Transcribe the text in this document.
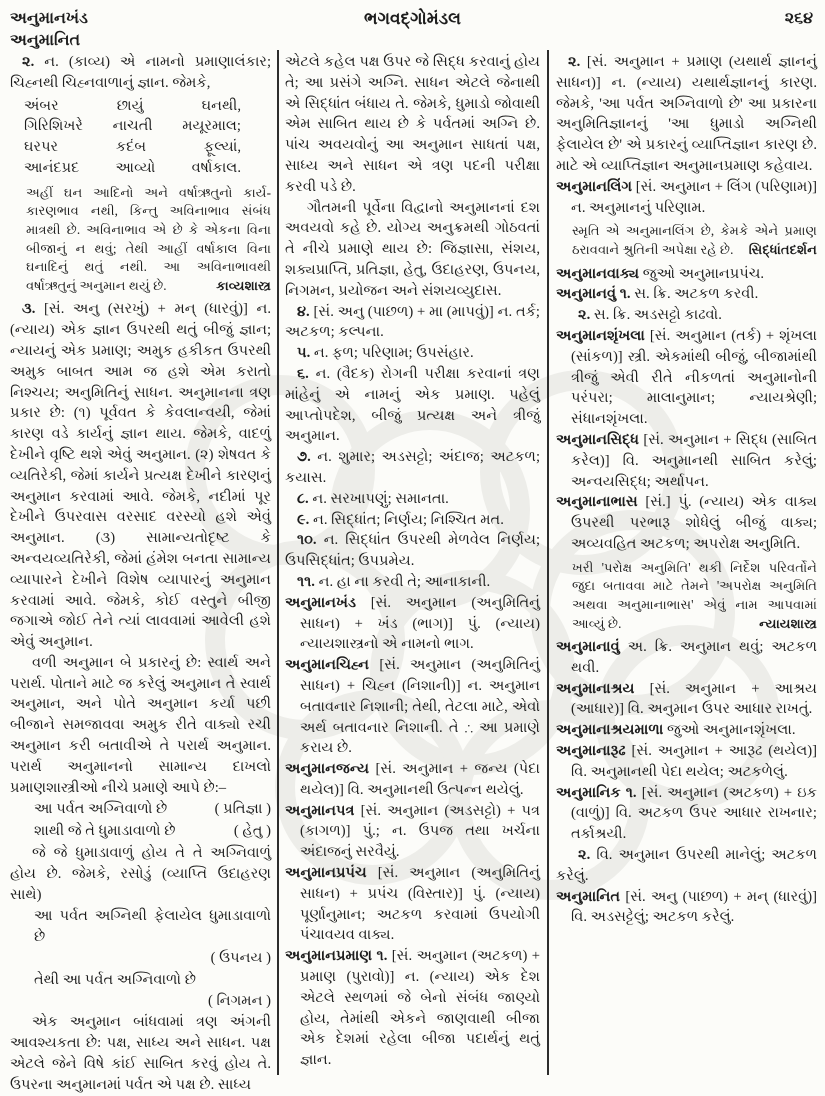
અનુમાનખંડ
અનુમાનિત
ભગવદ્ગોમંડલ	૨૬૪

૨. ન. (કાવ્ય) એ નામનો પ્રમાણાલંકાર; ચિહ્નથી ચિહ્નવાળાનું જ્ઞાન. જેમકે,

અંબર છાયું ઘનથી,
ગિરિશિખરે નાચતી મયૂરમાલ;
ઘરપર કદંબ ફૂલ્યાં,
આનંદપ્રદ આવ્યો વર્ષાકાલ.
અહીં ઘન આદિનો અને વર્ષાઋતુનો કાર્ય-કારણભાવ નથી, કિન્તુ અવિનાભાવ સંબંધ માત્રથી છે. અવિનાભાવ એ છે કે એકના વિના બીજાનું ન થવું; તેથી આહીં વર્ષાકાલ વિના ઘનાદિનું થતું નથી. આ અવિનાભાવથી વર્ષાઋતુનું અનુમાન થયું છે.	કાવ્યશાસ્ત્ર

૩. [સં. અનુ (સરખું) + મન્ (ધારવું)] ન. (ન્યાય) એક જ્ઞાન ઉપરથી થતું બીજું જ્ઞાન; ન્યાયનું એક પ્રમાણ; અમુક હકીકત ઉપરથી અમુક બાબત આમ જ હશે એમ કરાતો નિશ્ચય; અનુમિતિનું સાધન. અનુમાનના ત્રણ પ્રકાર છે: (૧) પૂર્વવત કે કેવલાન્વયી, જેમાં કારણ વડે કાર્યનું જ્ઞાન થાય. જેમકે, વાદળું દેખીને વૃષ્ટિ થશે એવું અનુમાન. (૨) શેષવત કે વ્યતિરેકી, જેમાં કાર્યને પ્રત્યક્ષ દેખીને કારણનું અનુમાન કરવામાં આવે. જેમકે, નદીમાં પૂર દેખીને ઉપરવાસ વરસાદ વરસ્યો હશે એવું અનુમાન. (૩) સામાન્યતોદૃષ્ટ કે અન્વયવ્યતિરેકી, જેમાં હંમેશ બનતા સામાન્ય વ્યાપારને દેખીને વિશેષ વ્યાપારનું અનુમાન કરવામાં આવે. જેમકે, કોઈ વસ્તુને બીજી જગાએ જોઈ તેને ત્યાં લાવવામાં આવેલી હશે એવું અનુમાન.

વળી અનુમાન બે પ્રકારનું છે: સ્વાર્થ અને પરાર્થ. પોતાને માટે જ કરેલું અનુમાન તે સ્વાર્થ અનુમાન, અને પોતે અનુમાન કર્યા પછી બીજાને સમજાવવા અમુક રીતે વાક્યો રચી અનુમાન કરી બતાવીએ તે પરાર્થ અનુમાન. પરાર્થ અનુમાનનો સામાન્ય દાખલો પ્રમાણશાસ્ત્રીઓ નીચે પ્રમાણે આપે છે:–

આ પર્વત અગ્નિવાળો છે	( પ્રતિજ્ઞા )
શાથી જે તે ધુમાડાવાળો છે	( હેતુ )

જે જે ધુમાડાવાળું હોય તે તે અગ્નિવાળું હોય છે. જેમકે, રસોડું (વ્યાપ્તિ ઉદાહરણ સાથે)

આ પર્વત અગ્નિથી ફેલાયેલ ધુમાડાવાળો છે
( ઉપનય )
તેથી આ પર્વત અગ્નિવાળો છે
( નિગમન )

એક અનુમાન બાંધવામાં ત્રણ અંગની આવશ્યકતા છે: પક્ષ, સાધ્ય અને સાધન. પક્ષ એટલે જેને વિષે કાંઈ સાબિત કરવું હોય તે. ઉપરના અનુમાનમાં પર્વત એ પક્ષ છે. સાધ્ય

એટલે કહેલ પક્ષ ઉપર જે સિદ્ધ કરવાનું હોય તે; આ પ્રસંગે અગ્નિ. સાધન એટલે જેનાથી એ સિદ્ધાંત બંધાય તે. જેમકે, ધુમાડો જોવાથી એમ સાબિત થાય છે કે પર્વતમાં અગ્નિ છે. પાંચ અવયવોનું આ અનુમાન સાધતાં પક્ષ, સાધ્ય અને સાધન એ ત્રણ પદની પરીક્ષા કરવી પડે છે.

ગૌતમની પૂર્વેના વિદ્વાનો અનુમાનનાં દશ અવયવો કહે છે. યોગ્ય અનુક્રમથી ગોઠવતાં તે નીચે પ્રમાણે થાય છે: જિજ્ઞાસા, સંશય, શક્યપ્રાપ્તિ, પ્રતિજ્ઞા, હેતુ, ઉદાહરણ, ઉપનય, નિગમન, પ્રયોજન અને સંશયવ્યુદાસ.

૪. [સં. અનુ (પાછળ) + મા (માપવું)] ન. તર્ક; અટકળ; કલ્પના.

૫. ન. ફળ; પરિણામ; ઉપસંહાર.

૬. ન. (વૈદક) રોગની પરીક્ષા કરવાનાં ત્રણ માંહેનું એ નામનું એક પ્રમાણ. પહેલું આપ્તોપદેશ, બીજું પ્રત્યક્ષ અને ત્રીજું અનુમાન.

૭. ન. શુમાર; અડસટ્ટો; અંદાજ; અટકળ; કયાસ.

૮. ન. સરખાપણું; સમાનતા.

૯. ન. સિદ્ધાંત; નિર્ણય; નિશ્ચિત મત.

૧૦. ન. સિદ્ધાંત ઉપરથી મેળવેલ નિર્ણય; ઉપસિદ્ધાંત; ઉપપ્રમેય.

૧૧. ન. હા ના કરવી તે; આનાકાની.

અનુમાનખંડ [સં. અનુમાન (અનુમિતિનું સાધન) + ખંડ (ભાગ)] પું. (ન્યાય) ન્યાયશાસ્ત્રનો એ નામનો ભાગ.

અનુમાનચિહ્ન [સં. અનુમાન (અનુમિતિનું સાધન) + ચિહ્ન (નિશાની)] ન. અનુમાન બતાવનાર નિશાની; તેથી, તેટલા માટે, એવો અર્થ બતાવનાર નિશાની. તે ∴ આ પ્રમાણે કરાય છે.

અનુમાનજન્ય [સં. અનુમાન + જન્ય (પેદા થયેલ)] વિ. અનુમાનથી ઉત્પન્ન થયેલું.

અનુમાનપત્ર [સં. અનુમાન (અડસટ્ટો) + પત્ર (કાગળ)] પું.; ન. ઉપજ તથા ખર્ચના અંદાજનું સરવૈયું.

અનુમાનપ્રપંચ [સં. અનુમાન (અનુમિતિનું સાધન) + પ્રપંચ (વિસ્તાર)] પું. (ન્યાય) પૂર્ણાનુમાન; અટકળ કરવામાં ઉપયોગી પંચાવયવ વાક્ય.

અનુમાનપ્રમાણ ૧. [સં. અનુમાન (અટકળ) + પ્રમાણ (પુરાવો)] ન. (ન્યાય) એક દેશ એટલે સ્થળમાં જે બેનો સંબંધ જાણ્યો હોય, તેમાંથી એકને જાણવાથી બીજા એક દેશમાં રહેલા બીજા પદાર્થનું થતું જ્ઞાન.

૨. [સં. અનુમાન + પ્રમાણ (યથાર્થ જ્ઞાનનું સાધન)] ન. (ન્યાય) યથાર્થજ્ઞાનનું કારણ. જેમકે, 'આ પર્વત અગ્નિવાળો છે' આ પ્રકારના અનુમિતિજ્ઞાનનું 'આ ધુમાડો અગ્નિથી ફેલાયેલ છે' એ પ્રકારનું વ્યાપ્તિજ્ઞાન કારણ છે. માટે એ વ્યાપ્તિજ્ઞાન અનુમાનપ્રમાણ કહેવાય.

અનુમાનલિંગ [સં. અનુમાન + લિંગ (પરિણામ)] ન. અનુમાનનું પરિણામ.

સ્મૃતિ એ અનુમાનલિંગ છે, કેમકે એને પ્રમાણ ઠરાવવાને શ્રુતિની અપેક્ષા રહે છે.	સિદ્ધાંતદર્શન

અનુમાનવાક્ય જુઓ અનુમાનપ્રપંચ.

અનુમાનવું ૧. સ. ક્રિ. અટકળ કરવી.

૨. સ. ક્રિ. અડસટ્ટો કાઢવો.

અનુમાનશૃંખલા [સં. અનુમાન (તર્ક) + શૃંખલા (સાંકળ)] સ્ત્રી. એકમાંથી બીજું, બીજામાંથી ત્રીજું એવી રીતે નીકળતાં અનુમાનોની પરંપરા; માલાનુમાન; ન્યાયશ્રેણી; સંધાનશૃંખલા.

અનુમાનસિદ્ધ [સં. અનુમાન + સિદ્ધ (સાબિત કરેલ)] વિ. અનુમાનથી સાબિત કરેલું; અન્વયસિદ્ધ; અર્થાપન.

અનુમાનાભાસ [સં.] પું. (ન્યાય) એક વાક્ય ઉપરથી પરભારૂ શોધેલું બીજું વાક્ય; અવ્યવહિત અટકળ; અપરોક્ષ અનુમિતિ.

ખરી 'પરોક્ષ અનુમિતિ' થકી નિર્દેશ પરિવર્તોને જુદા બતાવવા માટે તેમને 'અપરોક્ષ અનુમિતિ અથવા અનુમાનાભાસ' એવું નામ આપવામાં આવ્યું છે.	ન્યાયશાસ્ત્ર

અનુમાનાવું અ. ક્રિ. અનુમાન થવું; અટકળ થવી.

અનુમાનાશ્રય [સં. અનુમાન + આશ્રય (આધાર)] વિ. અનુમાન ઉપર આધાર રાખતું.

અનુમાનાશ્રયમાળા જુઓ અનુમાનશૃંખલા.

અનુમાનારૂઢ [સં. અનુમાન + આરૂઢ (થયેલ)] વિ. અનુમાનથી પેદા થયેલ; અટકળેલું.

અનુમાનિક ૧. [સં. અનુમાન (અટકળ) + ઇક (વાળું)] વિ. અટકળ ઉપર આધાર રાખનાર; તર્કાશ્રયી.

૨. વિ. અનુમાન ઉપરથી માનેલું; અટકળ કરેલું.

અનુમાનિત [સં. અનુ (પાછળ) + મન્ (ધારવું)] વિ. અડસટ્ટેલું; અટકળ કરેલું.
